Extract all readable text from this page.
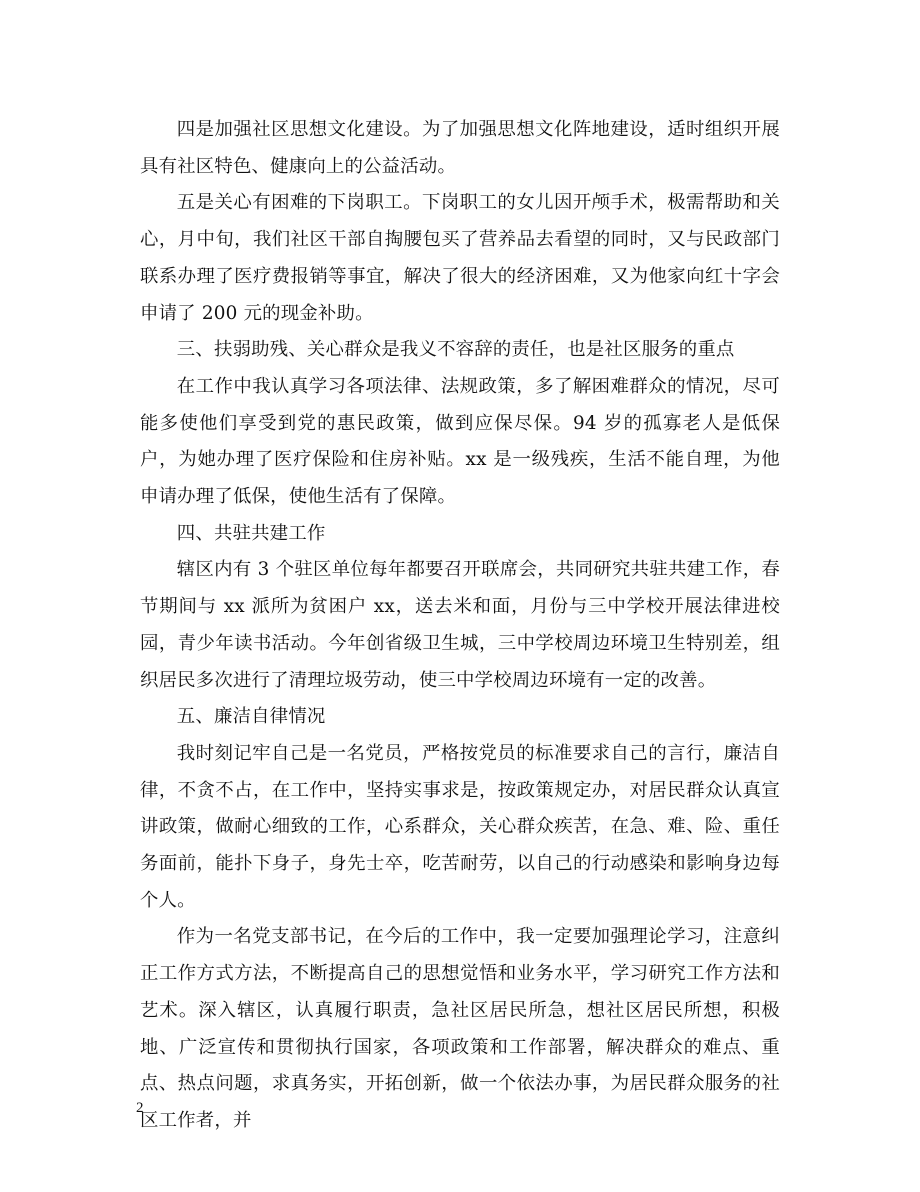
四是加强社区思想文化建设。为了加强思想文化阵地建设，适时组织开展具有社区特色、健康向上的公益活动。

五是关心有困难的下岗职工。下岗职工的女儿因开颅手术，极需帮助和关心，月中旬，我们社区干部自掏腰包买了营养品去看望的同时，又与民政部门联系办理了医疗费报销等事宜，解决了很大的经济困难，又为他家向红十字会申请了 200 元的现金补助。

三、扶弱助残、关心群众是我义不容辞的责任，也是社区服务的重点

在工作中我认真学习各项法律、法规政策，多了解困难群众的情况，尽可能多使他们享受到党的惠民政策，做到应保尽保。94 岁的孤寡老人是低保户，为她办理了医疗保险和住房补贴。xx 是一级残疾，生活不能自理，为他申请办理了低保，使他生活有了保障。

四、共驻共建工作

辖区内有 3 个驻区单位每年都要召开联席会，共同研究共驻共建工作，春节期间与 xx 派所为贫困户 xx，送去米和面，月份与三中学校开展法律进校园，青少年读书活动。今年创省级卫生城，三中学校周边环境卫生特别差，组织居民多次进行了清理垃圾劳动，使三中学校周边环境有一定的改善。

五、廉洁自律情况

我时刻记牢自己是一名党员，严格按党员的标准要求自己的言行，廉洁自律，不贪不占，在工作中，坚持实事求是，按政策规定办，对居民群众认真宣讲政策，做耐心细致的工作，心系群众，关心群众疾苦，在急、难、险、重任务面前，能扑下身子，身先士卒，吃苦耐劳，以自己的行动感染和影响身边每个人。

作为一名党支部书记，在今后的工作中，我一定要加强理论学习，注意纠正工作方式方法，不断提高自己的思想觉悟和业务水平，学习研究工作方法和艺术。深入辖区，认真履行职责，急社区居民所急，想社区居民所想，积极地、广泛宣传和贯彻执行国家，各项政策和工作部署，解决群众的难点、重点、热点问题，求真务实，开拓创新，做一个依法办事，为居民群众服务的社区工作者，并

2
